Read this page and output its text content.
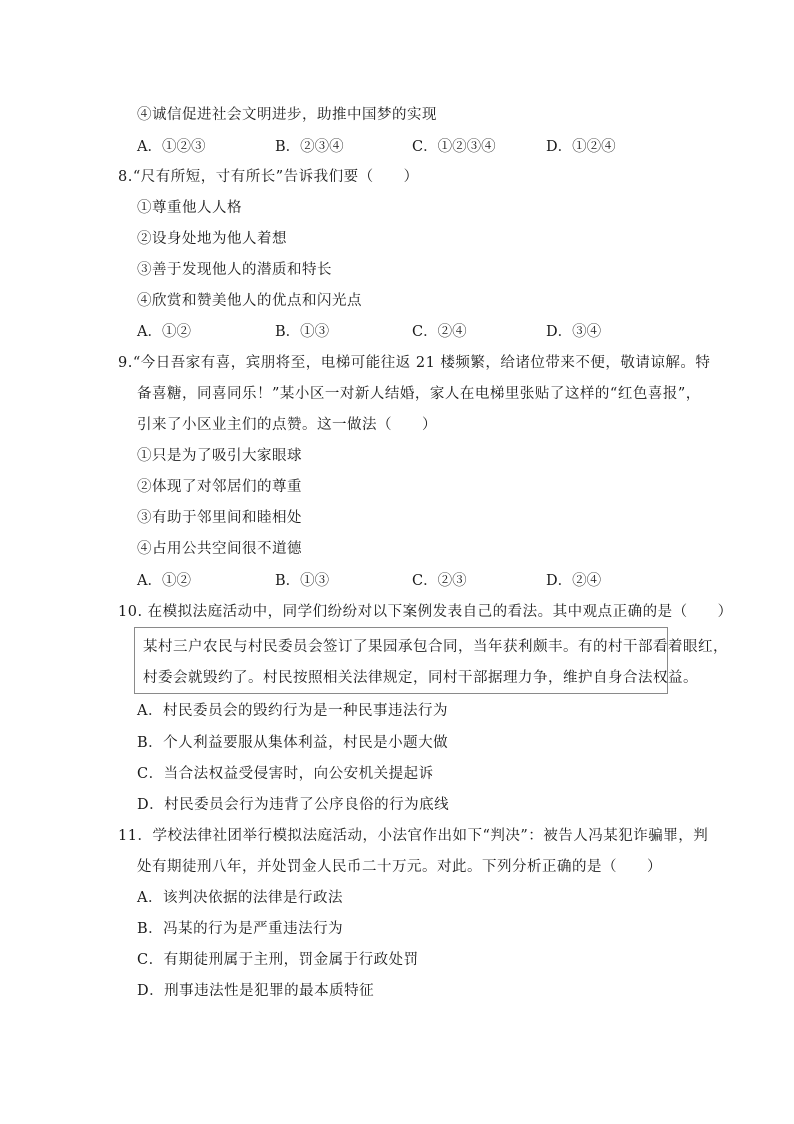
④诚信促进社会文明进步，助推中国梦的实现
A．①②③	B．②③④	C．①②③④	D．①②④
8.“尺有所短，寸有所长”告诉我们要（　　）
①尊重他人人格
②设身处地为他人着想
③善于发现他人的潜质和特长
④欣赏和赞美他人的优点和闪光点
A．①②	B．①③	C．②④	D．③④
9.“今日吾家有喜，宾朋将至，电梯可能往返 21 楼频繁，给诸位带来不便，敬请谅解。特
备喜糖，同喜同乐！”某小区一对新人结婚，家人在电梯里张贴了这样的“红色喜报”，
引来了小区业主们的点赞。这一做法（　　）
①只是为了吸引大家眼球
②体现了对邻居们的尊重
③有助于邻里间和睦相处
④占用公共空间很不道德
A．①②	B．①③	C．②③	D．②④
10. 在模拟法庭活动中，同学们纷纷对以下案例发表自己的看法。其中观点正确的是（　　）
某村三户农民与村民委员会签订了果园承包合同，当年获利颇丰。有的村干部看着眼红，
村委会就毁约了。村民按照相关法律规定，同村干部据理力争，维护自身合法权益。
A．村民委员会的毁约行为是一种民事违法行为
B．个人利益要服从集体利益，村民是小题大做
C．当合法权益受侵害时，向公安机关提起诉
D．村民委员会行为违背了公序良俗的行为底线
11．学校法律社团举行模拟法庭活动，小法官作出如下“判决”：被告人冯某犯诈骗罪，判
处有期徒刑八年，并处罚金人民币二十万元。对此。下列分析正确的是（　　）
A．该判决依据的法律是行政法
B．冯某的行为是严重违法行为
C．有期徒刑属于主刑，罚金属于行政处罚
D．刑事违法性是犯罪的最本质特征
